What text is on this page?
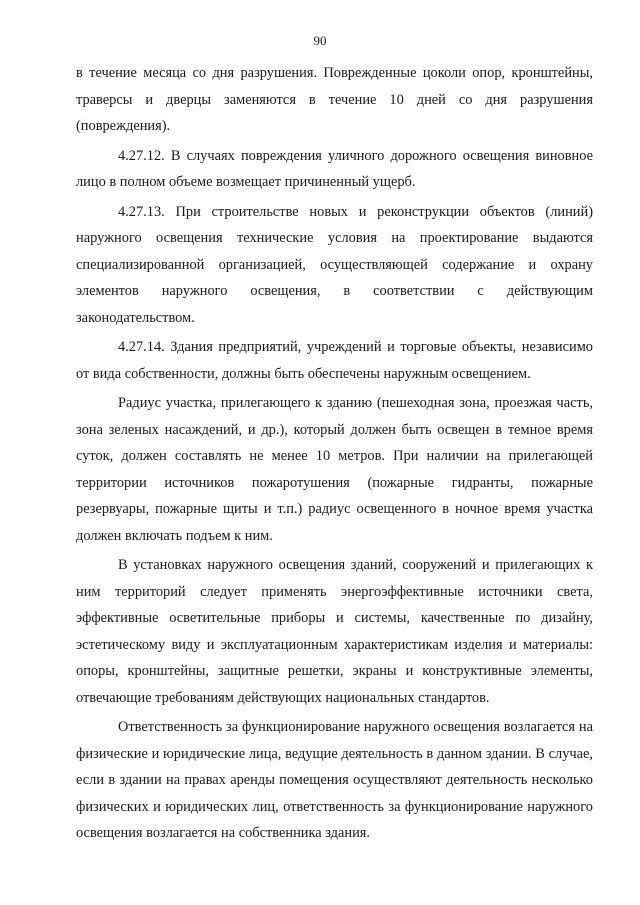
90

в течение месяца со дня разрушения. Поврежденные цоколи опор, кронштейны, траверсы и дверцы заменяются в течение 10 дней со дня разрушения (повреждения).

4.27.12. В случаях повреждения уличного дорожного освещения виновное лицо в полном объеме возмещает причиненный ущерб.

4.27.13. При строительстве новых и реконструкции объектов (линий) наружного освещения технические условия на проектирование выдаются специализированной организацией, осуществляющей содержание и охрану элементов наружного освещения, в соответствии с действующим законодательством.

4.27.14. Здания предприятий, учреждений и торговые объекты, независимо от вида собственности, должны быть обеспечены наружным освещением.

Радиус участка, прилегающего к зданию (пешеходная зона, проезжая часть, зона зеленых насаждений, и др.), который должен быть освещен в темное время суток, должен составлять не менее 10 метров. При наличии на прилегающей территории источников пожаротушения (пожарные гидранты, пожарные резервуары, пожарные щиты и т.п.) радиус освещенного в ночное время участка должен включать подъем к ним.

В установках наружного освещения зданий, сооружений и прилегающих к ним территорий следует применять энергоэффективные источники света, эффективные осветительные приборы и системы, качественные по дизайну, эстетическому виду и эксплуатационным характеристикам изделия и материалы: опоры, кронштейны, защитные решетки, экраны и конструктивные элементы, отвечающие требованиям действующих национальных стандартов.

Ответственность за функционирование наружного освещения возлагается на физические и юридические лица, ведущие деятельность в данном здании. В случае, если в здании на правах аренды помещения осуществляют деятельность несколько физических и юридических лиц, ответственность за функционирование наружного освещения возлагается на собственника здания.
